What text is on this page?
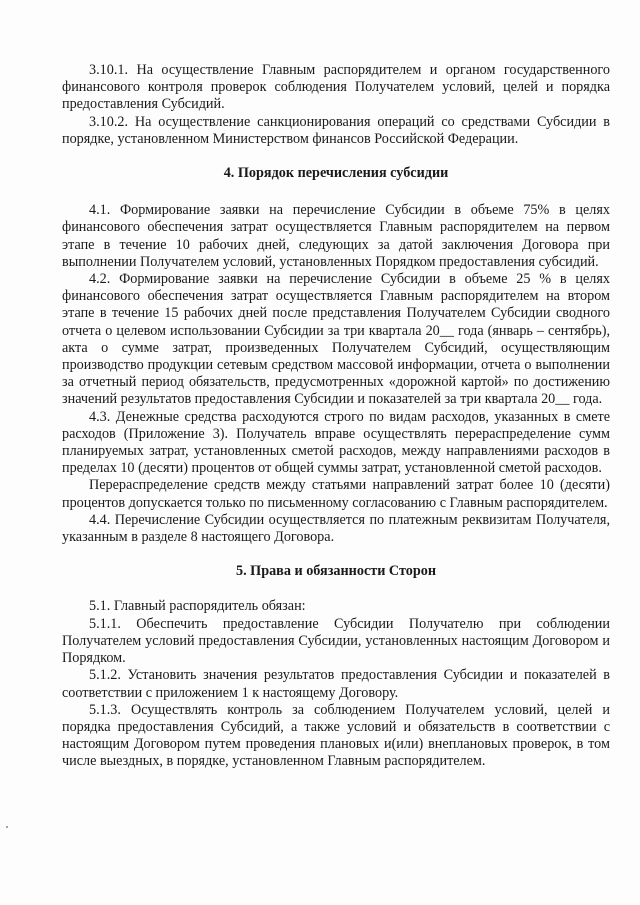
3.10.1. На осуществление Главным распорядителем и органом государственного финансового контроля проверок соблюдения Получателем условий, целей и порядка предоставления Субсидий.

3.10.2. На осуществление санкционирования операций со средствами Субсидии в порядке, установленном Министерством финансов Российской Федерации.

4. Порядок перечисления субсидии

4.1. Формирование заявки на перечисление Субсидии в объеме 75% в целях финансового обеспечения затрат осуществляется Главным распорядителем на первом этапе в течение 10 рабочих дней, следующих за датой заключения Договора при выполнении Получателем условий, установленных Порядком предоставления субсидий.

4.2. Формирование заявки на перечисление Субсидии в объеме 25 % в целях финансового обеспечения затрат осуществляется Главным распорядителем на втором этапе в течение 15 рабочих дней после представления Получателем Субсидии сводного отчета о целевом использовании Субсидии за три квартала 20__ года (январь – сентябрь), акта о сумме затрат, произведенных Получателем Субсидий, осуществляющим производство продукции сетевым средством массовой информации, отчета о выполнении за отчетный период обязательств, предусмотренных «дорожной картой» по достижению значений результатов предоставления Субсидии и показателей за три квартала 20__ года.

4.3. Денежные средства расходуются строго по видам расходов, указанных в смете расходов (Приложение 3). Получатель вправе осуществлять перераспределение сумм планируемых затрат, установленных сметой расходов, между направлениями расходов в пределах 10 (десяти) процентов от общей суммы затрат, установленной сметой расходов.

Перераспределение средств между статьями направлений затрат более 10 (десяти) процентов допускается только по письменному согласованию с Главным распорядителем.

4.4. Перечисление Субсидии осуществляется по платежным реквизитам Получателя, указанным в разделе 8 настоящего Договора.

5. Права и обязанности Сторон

5.1. Главный распорядитель обязан:

5.1.1. Обеспечить предоставление Субсидии Получателю при соблюдении Получателем условий предоставления Субсидии, установленных настоящим Договором и Порядком.

5.1.2. Установить значения результатов предоставления Субсидии и показателей в соответствии с приложением 1 к настоящему Договору.

5.1.3. Осуществлять контроль за соблюдением Получателем условий, целей и порядка предоставления Субсидий, а также условий и обязательств в соответствии с настоящим Договором путем проведения плановых и(или) внеплановых проверок, в том числе выездных, в порядке, установленном Главным распорядителем.
